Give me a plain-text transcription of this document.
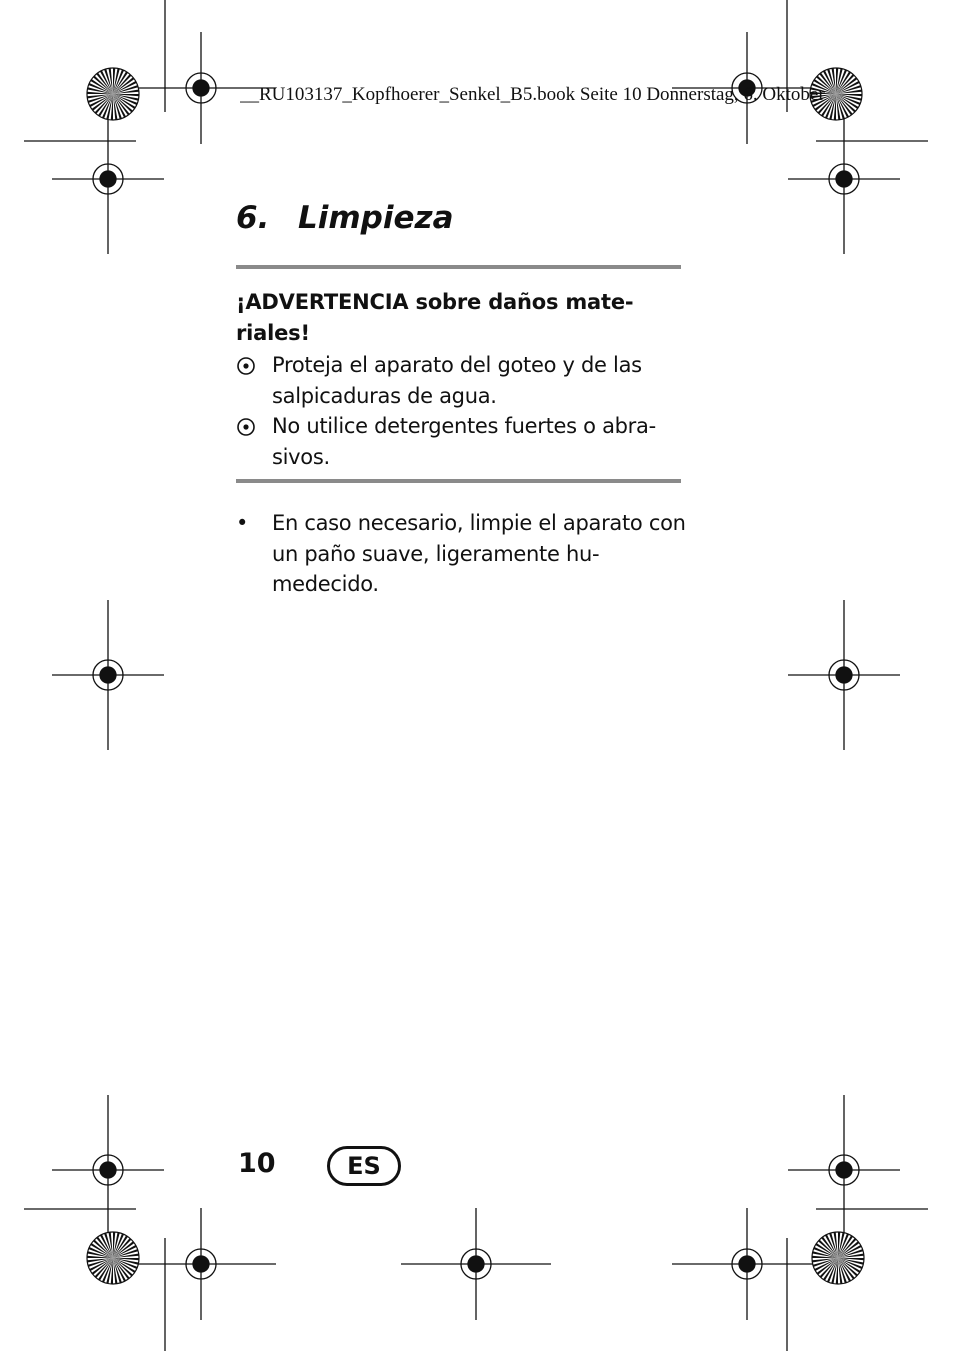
__RU103137_Kopfhoerer_Senkel_B5.book Seite 10 Donnerstag, 6. Oktober
6. Limpieza
¡ADVERTENCIA sobre daños mate-riales!
Proteja el aparato del goteo y de las salpicaduras de agua.
No utilice detergentes fuertes o abra-sivos.
•	En caso necesario, limpie el aparato con un paño suave, ligeramente hu-medecido.
10	ES
